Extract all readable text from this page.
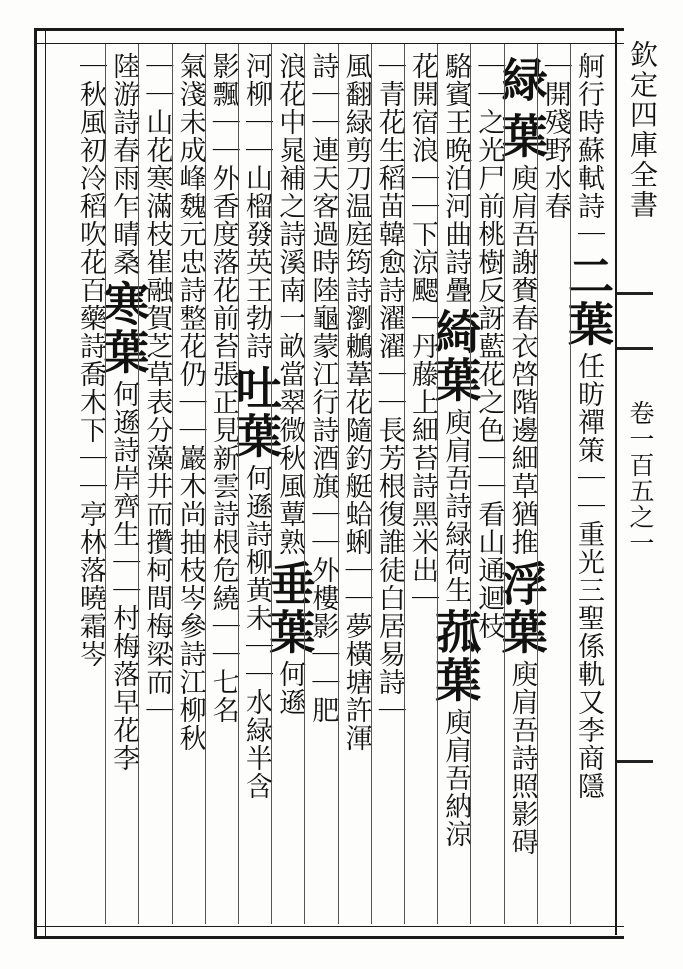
欽定四庫全書
卷一百五之一
舸行時蘇軾詩｜二葉任昉禪策｜｜重光三聖係軌又李商隱
｜開殘野水春
緑葉庾肩吾謝賚春衣啓階邊細草猶推浮葉庾肩吾詩照影碍
｜｜之光尸前桃樹反訝藍花之色｜｜看山通迴枝
駱賓王晩泊河曲詩疊綺葉庾肩吾詩緑荷生菰葉庾肩吾納涼
花開宿浪｜｜下涼颸｜丹藤上細苔詩黑米出｜
｜青花生稻苗韓愈詩濯濯｜｜長芳根復誰徒白居易詩｜
風翻緑剪刀温庭筠詩瀏鶒葦花隨釣艇蛤蜊｜｜夢橫塘許渾
詩｜｜連天客過時陸龜蒙江行詩酒旗｜｜外樓影｜｜肥
浪花中晁補之詩溪南一畝當翠微秋風蕈熟垂葉何遜
河柳｜｜山榴發英王勃詩吐葉何遜詩柳黄未｜｜水緑半含
影飄｜｜外香度落花前苔張正見新雲詩根危繞｜｜七名
氣淺未成峰魏元忠詩整花仍｜｜巖木尚抽枝岑參詩江柳秋
｜｜山花寒滿枝崔融賀芝草表分藻井而攢柯間梅梁而｜
陸游詩春雨乍晴桑寒葉何遜詩岸齊生｜｜村梅落早花李
｜秋風初冷稻吹花百藥詩喬木下｜｜亭林落曉霜岑
